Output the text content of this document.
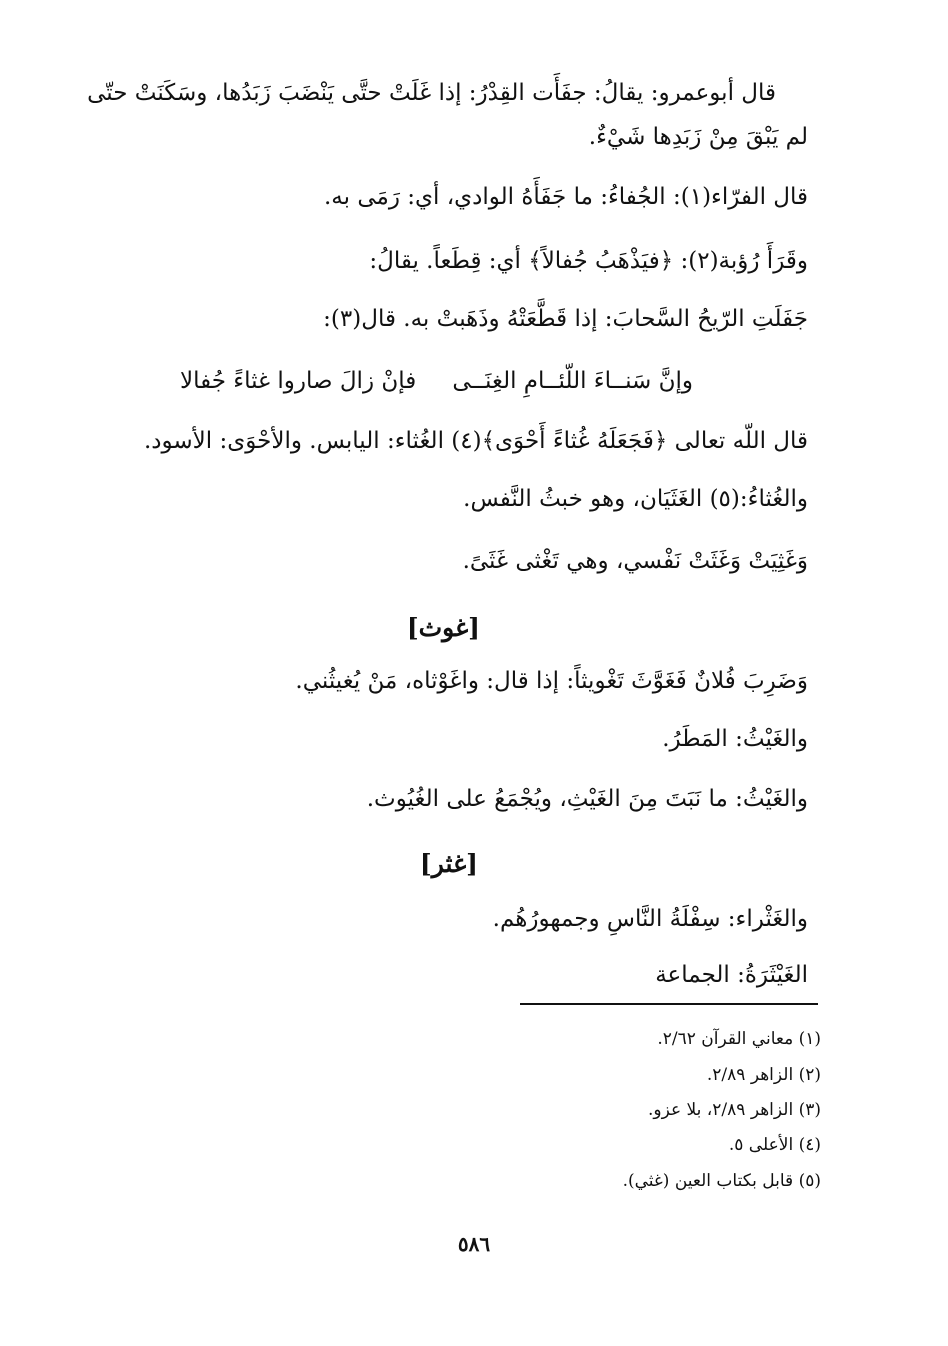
قال أبوعمرو: يقالُ: جفَأَت القِدْرُ: إذا غَلَتْ حتَّى يَنْضَبَ زَبَدُها، وسَكَنَتْ حتّى
لم يَبْقَ مِنْ زَبَدِها شَيْءٌ.
قال الفرّاء(١): الجُفاءُ: ما جَفَأَهُ الوادي، أي: رَمَى به.
وقَرَأَ رُؤبة(٢): ﴿فيَذْهَبُ جُفالاً﴾ أي: قِطَعاً. يقالُ:
جَفَلَتِ الرّيحُ السَّحابَ: إذا قَطَّعَتْهُ وذَهَبتْ به. قال(٣):
وإنَّ سَنــاءَ اللّئــامِ الغِنَــى
فإنْ زالَ صاروا غثاءً جُفالا
قال اللّه تعالى ﴿فَجَعَلَهُ غُثاءً أَحْوَى﴾(٤) الغُثاء: اليابس. والأحْوَى: الأسود.
والغُثاءُ:(٥) الغَثَيَان، وهو خبثُ النَّفس.
وَغَثِيَتْ وَغَثَتْ نَفْسي، وهي تَغْثى غَثَىً.
[غوث]
وَضَرِبَ فُلانٌ فَغَوَّثَ تَغْويثاً: إذا قال: واغَوْثاه، مَنْ يُغيثُني.
والغَيْثُ: المَطَرُ.
والغَيْثُ: ما نَبَتَ مِنَ الغَيْثِ، ويُجْمَعُ على الغُيُوث.
[غثر]
والغَثْراء: سِفْلَةُ النَّاسِ وجمهورُهُم.
الغَيْثَرَةُ: الجماعة
(١) معاني القرآن ٢/٦٢.
(٢) الزاهر ٢/٨٩.
(٣) الزاهر ٢/٨٩، بلا عزو.
(٤) الأعلى ٥.
(٥) قابل بكتاب العين (غثي).
٥٨٦
